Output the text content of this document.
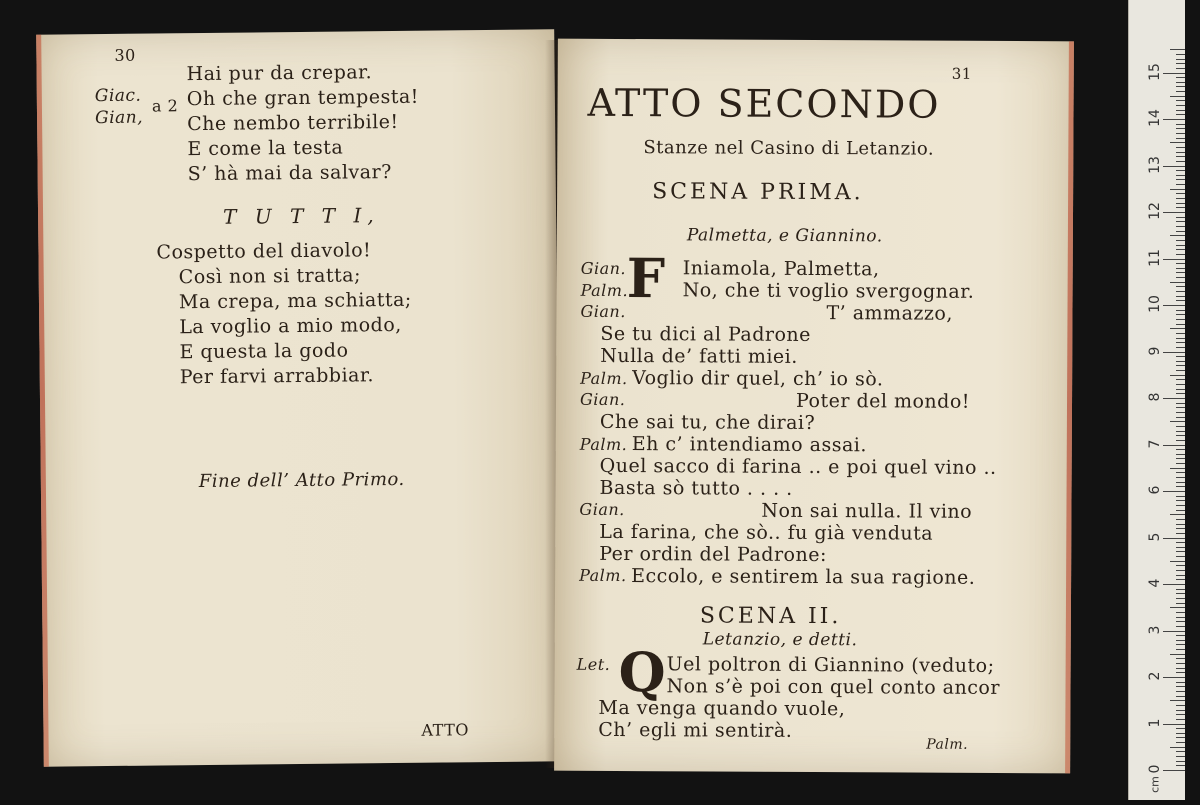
30
Giac.
Gian,
a 2
Hai pur da crepar.
Oh che gran tempesta!
Che nembo terribile!
E come la testa
S’ hà mai da salvar?
T U T T I,
Cospetto del diavolo!
Così non si tratta;
Ma crepa, ma schiatta;
La voglio a mio modo,
E questa la godo
Per farvi arrabbiar.
Fine dell’ Atto Primo.
ATTO
31
ATTO SECONDO
Stanze nel Casino di Letanzio.
SCENA PRIMA.
Palmetta, e Giannino.
F
Gian.	Iniamola, Palmetta,
Palm.	No, che ti voglio svergognar.
Gian.	T’ ammazzo,
Se tu dici al Padrone
Nulla de’ fatti miei.
Palm. Voglio dir quel, ch’ io sò.
Gian.	Poter del mondo!
Che sai tu, che dirai?
Palm. Eh c’ intendiamo assai.
Quel sacco di farina .. e poi quel vino ..
Basta sò tutto . . . .
Gian.	Non sai nulla. Il vino
La farina, che sò.. fu già venduta
Per ordin del Padrone:
Palm. Eccolo, e sentirem la sua ragione.
SCENA II.
Letanzio, e detti.
Q
Let.	Uel poltron di Giannino (veduto;
Non s’è poi con quel conto ancor
Ma venga quando vuole,
Ch’ egli mi sentirà.
Palm.
0
1
2
3
4
5
6
7
8
9
10
11
12
13
14
15
cm
